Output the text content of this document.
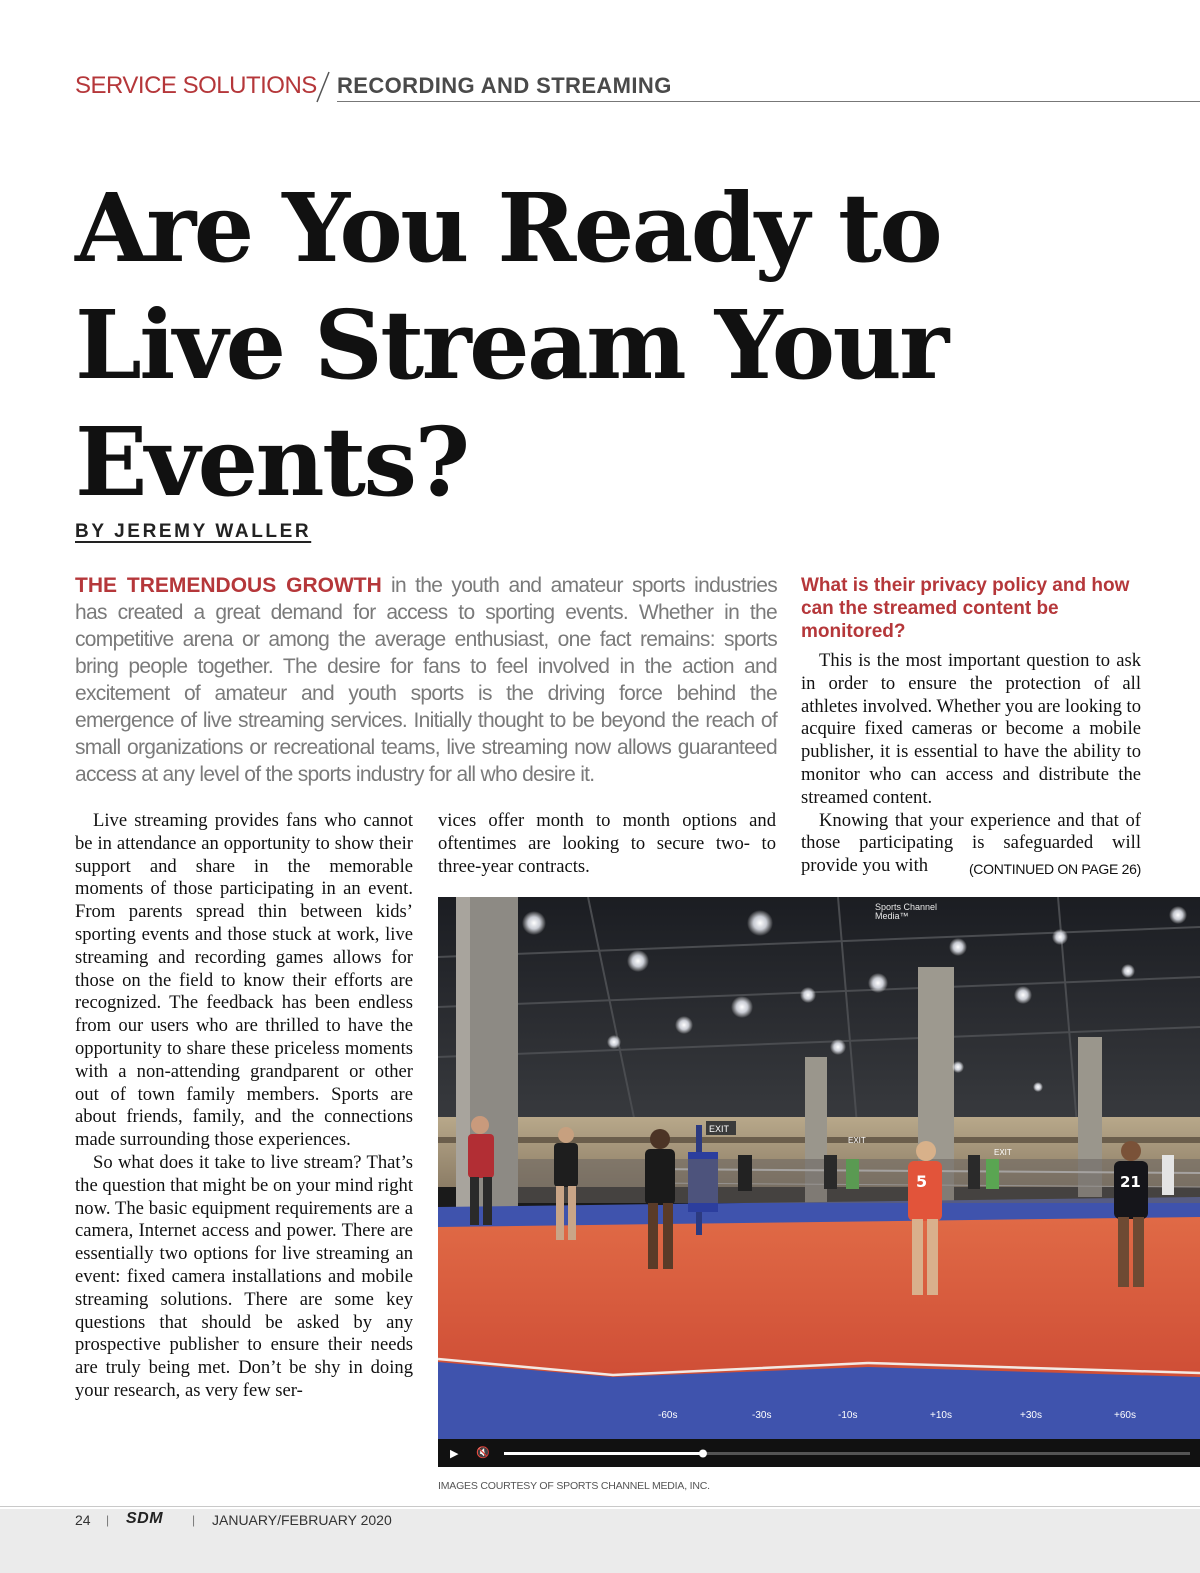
SERVICE SOLUTIONS RECORDING AND STREAMING
Are You Ready to
Live Stream Your
Events?
BY JEREMY WALLER
THE TREMENDOUS GROWTH in the youth and amateur sports industries has created a great demand for access to sporting events. Whether in the competitive arena or among the average enthusiast, one fact remains: sports bring people together. The desire for fans to feel involved in the action and excitement of amateur and youth sports is the driving force behind the emergence of live streaming services. Initially thought to be beyond the reach of small organizations or recreational teams, live streaming now allows guaranteed access at any level of the sports industry for all who desire it.
What is their privacy policy and how can the streamed content be monitored?

This is the most important question to ask in order to ensure the protection of all athletes involved. Whether you are looking to acquire fixed cameras or become a mobile publisher, it is essential to have the ability to monitor who can access and distribute the streamed content.

Knowing that your experience and that of those participating is safeguarded will provide you with	(CONTINUED ON PAGE 26)

Live streaming provides fans who cannot be in attendance an opportunity to show their support and share in the memorable moments of those participating in an event. From parents spread thin between kids’ sporting events and those stuck at work, live streaming and recording games allows for those on the field to know their efforts are recognized. The feedback has been endless from our users who are thrilled to have the opportunity to share these priceless moments with a non-attending grandparent or other out of town family members. Sports are about friends, family, and the connections made surrounding those experiences.

So what does it take to live stream? That’s the question that might be on your mind right now. The basic equipment requirements are a camera, Internet access and power. There are essentially two options for live streaming an event: fixed camera installations and mobile streaming solutions. There are some key questions that should be asked by any prospective publisher to ensure their needs are truly being met. Don’t be shy in doing your research, as very few ser-

vices offer month to month options and oftentimes are looking to secure two- to three-year contracts.

EXIT
EXIT
EXIT
5	21
Sports Channel
Media™
-60s	-30s	-10s	+10s	+30s	+60s
▶ 🔇
IMAGES COURTESY OF SPORTS CHANNEL MEDIA, INC.
24 | SDM | JANUARY/FEBRUARY 2020
